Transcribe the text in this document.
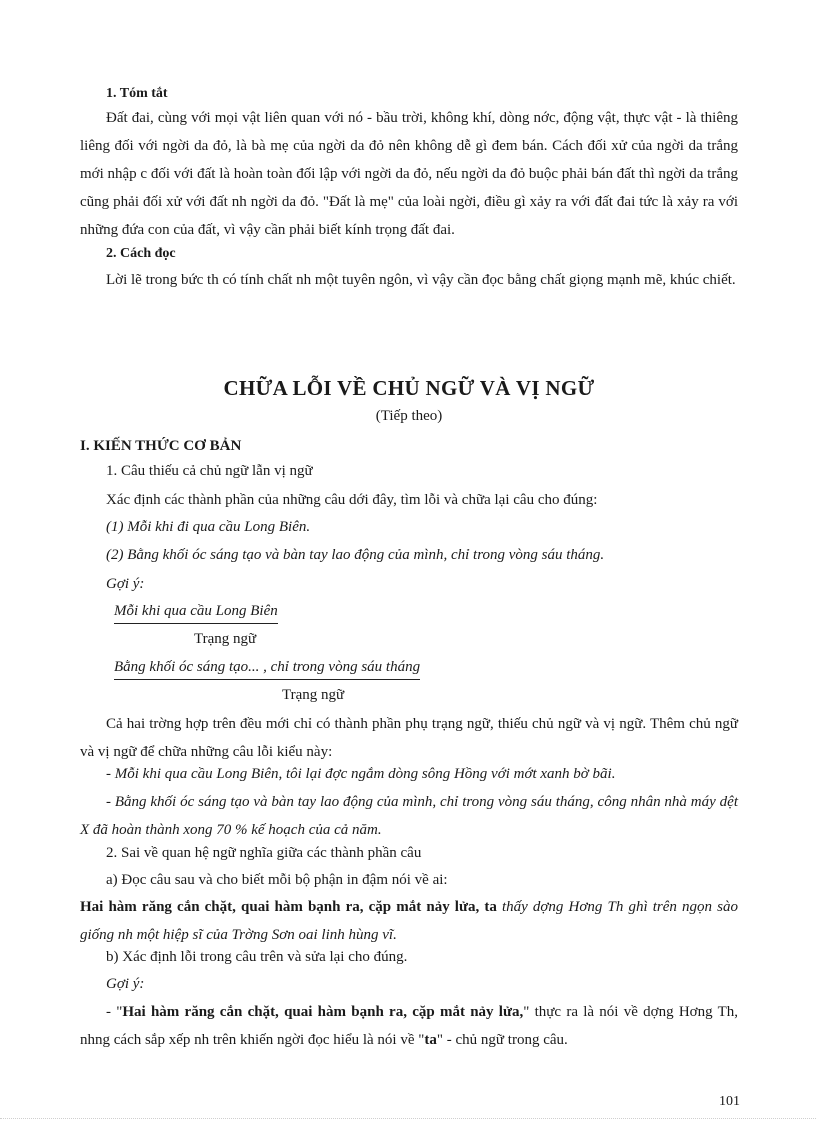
1. Tóm tắt

Đất đai, cùng với mọi vật liên quan với nó - bầu trời, không khí, dòng nớc, động vật, thực vật - là thiêng liêng đối với ngời da đỏ, là bà mẹ của ngời da đỏ nên không dễ gì đem bán. Cách đối xử của ngời da trắng mới nhập c đối với đất là hoàn toàn đối lập với ngời da đỏ, nếu ngời da đỏ buộc phải bán đất thì ngời da trắng cũng phải đối xử với đất nh ngời da đỏ. "Đất là mẹ" của loài ngời, điều gì xảy ra với đất đai tức là xảy ra với những đứa con của đất, vì vậy cần phải biết kính trọng đất đai.

2. Cách đọc

Lời lẽ trong bức th có tính chất nh một tuyên ngôn, vì vậy cần đọc bằng chất giọng mạnh mẽ, khúc chiết.

CHỮA LỖI VỀ CHỦ NGỮ VÀ VỊ NGỮ

(Tiếp theo)

I. KIẾN THỨC CƠ BẢN

1. Câu thiếu cả chủ ngữ lẫn vị ngữ

Xác định các thành phần của những câu dới đây, tìm lỗi và chữa lại câu cho đúng:

(1) Mỗi khi đi qua cầu Long Biên.

(2) Bằng khối óc sáng tạo và bàn tay lao động của mình, chỉ trong vòng sáu tháng.

Gợi ý:

Mỗi khi qua cầu Long Biên
Trạng ngữ
Bằng khối óc sáng tạo... , chỉ trong vòng sáu tháng
Trạng ngữ

Cả hai trờng hợp trên đều mới chỉ có thành phần phụ trạng ngữ, thiếu chủ ngữ và vị ngữ. Thêm chủ ngữ và vị ngữ để chữa những câu lỗi kiểu này:

- Mỗi khi qua cầu Long Biên, tôi lại đợc ngắm dòng sông Hồng với mớt xanh bờ bãi.

- Bằng khối óc sáng tạo và bàn tay lao động của mình, chỉ trong vòng sáu tháng, công nhân nhà máy dệt X đã hoàn thành xong 70 % kế hoạch của cả năm.

2. Sai về quan hệ ngữ nghĩa giữa các thành phần câu

a) Đọc câu sau và cho biết mỗi bộ phận in đậm nói về ai:

Hai hàm răng cắn chặt, quai hàm bạnh ra, cặp mắt nảy lửa, ta thấy dợng Hơng Th ghì trên ngọn sào giống nh một hiệp sĩ của Trờng Sơn oai linh hùng vĩ.

b) Xác định lỗi trong câu trên và sửa lại cho đúng.

Gợi ý:

- "Hai hàm răng cắn chặt, quai hàm bạnh ra, cặp mắt nảy lửa," thực ra là nói về dợng Hơng Th, nhng cách sắp xếp nh trên khiến ngời đọc hiểu là nói về "ta" - chủ ngữ trong câu.

101
